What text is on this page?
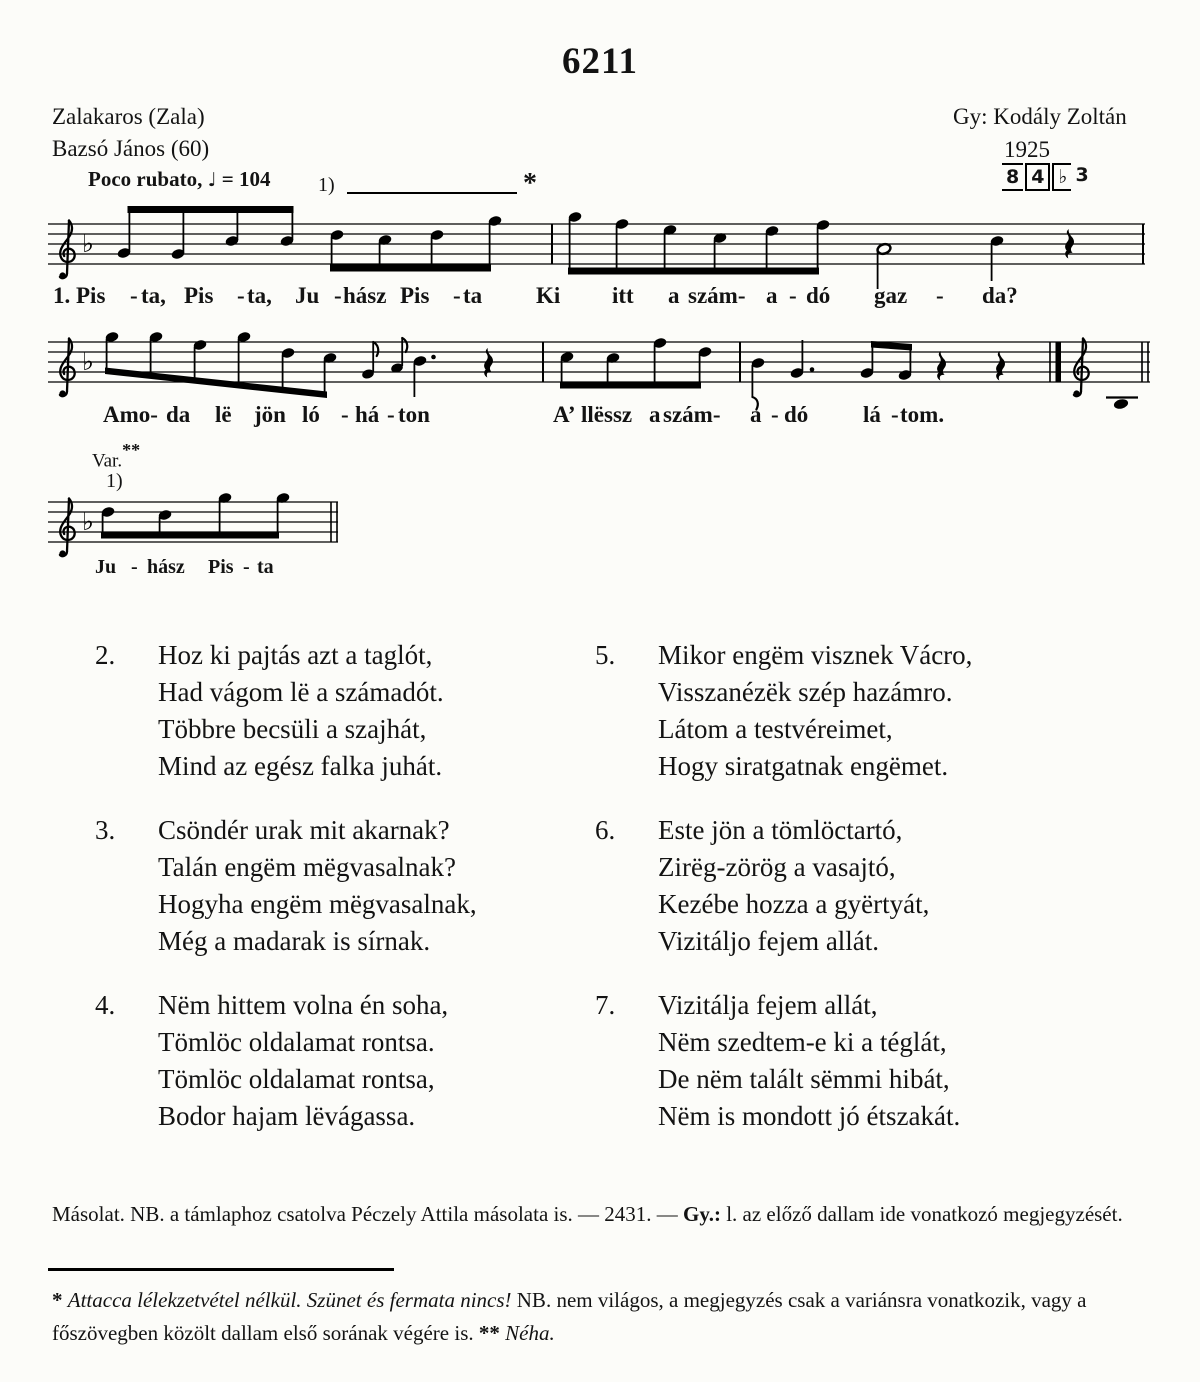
♭
♭
♭
6211
Zalakaros (Zala)
Bazsó János (60)
Gy: Kodály Zoltán
1925
Poco rubato, ♩ = 104	8 4 ♭ 3
1)	*
1. Pis - ta, Pis - ta, Ju - hász Pis - ta Ki itt a szám- a - dó gaz - da?
Amo- da lë jön ló - há - ton	A’ llëssz a szám- a - dó lá - tom.
Var.**
1)
Ju - hász Pis - ta
2. Hoz ki pajtás azt a taglót,
Had vágom lë a számadót.
Többre becsüli a szajhát,
Mind az egész falka juhát.
3. Csöndér urak mit akarnak?
Talán engëm mëgvasalnak?
Hogyha engëm mëgvasalnak,
Még a madarak is sírnak.
4. Nëm hittem volna én soha,
Tömlöc oldalamat rontsa.
Tömlöc oldalamat rontsa,
Bodor hajam lëvágassa.
5. Mikor engëm visznek Vácro,
Visszanézëk szép hazámro.
Látom a testvéreimet,
Hogy siratgatnak engëmet.
6. Este jön a tömlöctartó,
Zirëg-zörög a vasajtó,
Kezébe hozza a gyërtyát,
Vizitáljo fejem allát.
7. Vizitálja fejem allát,
Nëm szedtem-e ki a téglát,
De nëm talált sëmmi hibát,
Nëm is mondott jó étszakát.
Másolat. NB. a támlaphoz csatolva Péczely Attila másolata is. — 2431. — Gy.: l. az előző dallam ide vonatkozó megjegyzését.
* Attacca lélekzetvétel nélkül. Szünet és fermata nincs! NB. nem világos, a megjegyzés csak a variánsra vonatkozik, vagy a főszövegben közölt dallam első sorának végére is. ** Néha.
